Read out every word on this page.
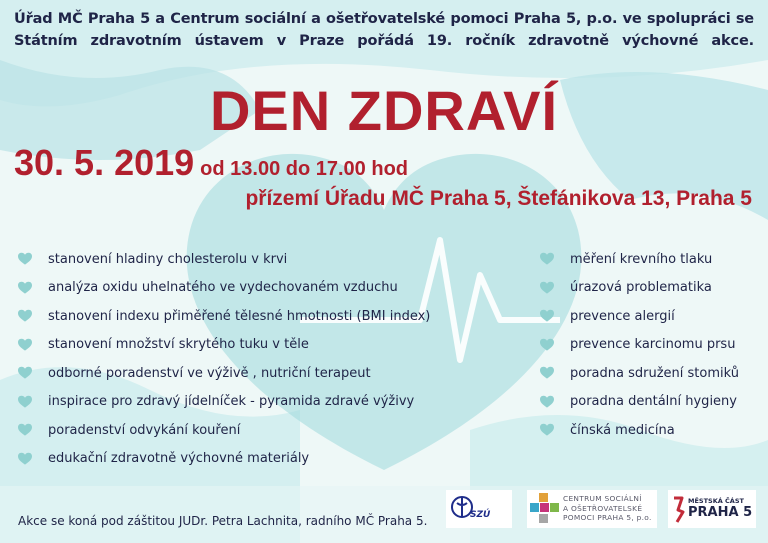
Úřad MČ Praha 5 a Centrum sociální a ošetřovatelské pomoci Praha 5, p.o. ve spolupráci se Státním zdravotním ústavem v Praze pořádá 19. ročník zdravotně výchovné akce.
DEN ZDRAVÍ
30. 5. 2019 od 13.00 do 17.00 hod
přízemí Úřadu MČ Praha 5, Štefánikova 13, Praha 5
stanovení hladiny cholesterolu v krvi
analýza oxidu uhelnatého ve vydechovaném vzduchu
stanovení indexu přiměřené tělesné hmotnosti (BMI index)
stanovení množství skrytého tuku v těle
odborné poradenství ve výživě , nutriční terapeut
inspirace pro zdravý jídelníček - pyramida zdravé výživy
poradenství odvykání kouření
edukační zdravotně výchovné materiály
měření krevního tlaku
úrazová problematika
prevence alergií
prevence karcinomu prsu
poradna sdružení stomiků
poradna dentální hygieny
čínská medicína
Akce se koná pod záštitou JUDr. Petra Lachnita, radního MČ Praha 5.	SZÚ
CENTRUM SOCIÁLNÍ
A OŠETŘOVATELSKÉ
POMOCI PRAHA 5, p.o.
MĚSTSKÁ ČÁST
PRAHA 5
